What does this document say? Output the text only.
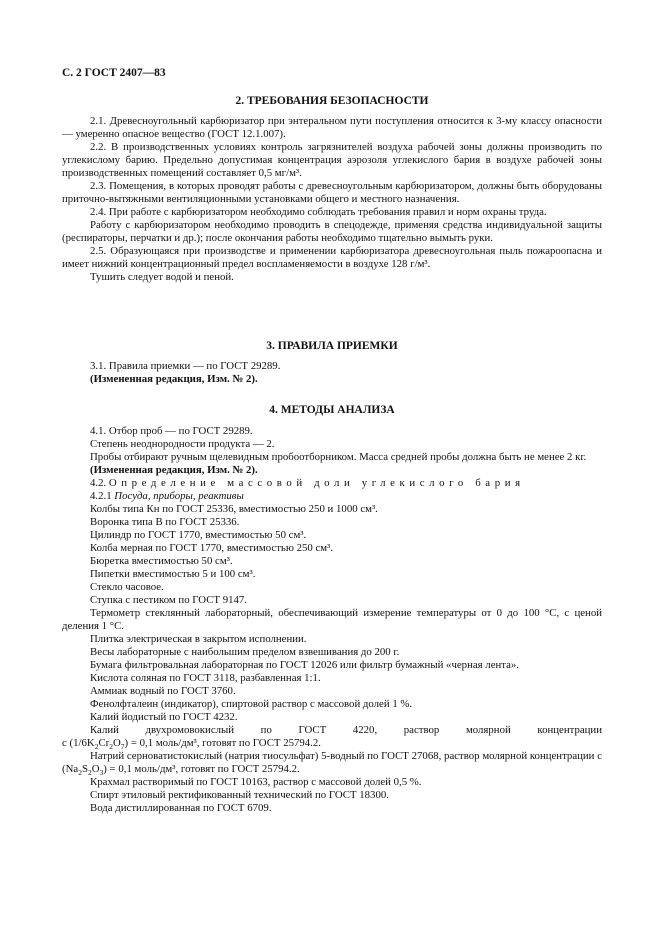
С. 2 ГОСТ 2407—83
2. ТРЕБОВАНИЯ БЕЗОПАСНОСТИ

2.1. Древесноугольный карбюризатор при энтеральном пути поступления относится к 3-му классу опасности — умеренно опасное вещество (ГОСТ 12.1.007).

2.2. В производственных условиях контроль загрязнителей воздуха рабочей зоны должны производить по углекислому барию. Предельно допустимая концентрация аэрозоля углекислого бария в воздухе рабочей зоны производственных помещений составляет 0,5 мг/м³.

2.3. Помещения, в которых проводят работы с древесноугольным карбюризатором, должны быть оборудованы приточно-вытяжными вентиляционными установками общего и местного назначения.

2.4. При работе с карбюризатором необходимо соблюдать требования правил и норм охраны труда.

Работу с карбюризатором необходимо проводить в спецодежде, применяя средства индивидуальной защиты (респираторы, перчатки и др.); после окончания работы необходимо тщательно вымыть руки.

2.5. Образующаяся при производстве и применении карбюризатора древесноугольная пыль пожароопасна и имеет нижний концентрационный предел воспламеняемости в воздухе 128 г/м³.

Тушить следует водой и пеной.

3. ПРАВИЛА ПРИЕМКИ

3.1. Правила приемки — по ГОСТ 29289.

(Измененная редакция, Изм. № 2).

4. МЕТОДЫ АНАЛИЗА

4.1. Отбор проб — по ГОСТ 29289.

Степень неоднородности продукта — 2.

Пробы отбирают ручным щелевидным пробоотборником. Масса средней пробы должна быть не менее 2 кг.

(Измененная редакция, Изм. № 2).

4.2. Определение массовой доли углекислого бария

4.2.1 Посуда, приборы, реактивы

Колбы типа Кн по ГОСТ 25336, вместимостью 250 и 1000 см³.

Воронка типа В по ГОСТ 25336.

Цилиндр по ГОСТ 1770, вместимостью 50 см³.

Колба мерная по ГОСТ 1770, вместимостью 250 см³.

Бюретка вместимостью 50 см³.

Пипетки вместимостью 5 и 100 см³.

Стекло часовое.

Ступка с пестиком по ГОСТ 9147.

Термометр стеклянный лабораторный, обеспечивающий измерение температуры от 0 до 100 °С, с ценой деления 1 °С.

Плитка электрическая в закрытом исполнении.

Весы лабораторные с наибольшим пределом взвешивания до 200 г.

Бумага фильтровальная лабораторная по ГОСТ 12026 или фильтр бумажный «черная лента».

Кислота соляная по ГОСТ 3118, разбавленная 1:1.

Аммиак водный по ГОСТ 3760.

Фенолфталеин (индикатор), спиртовой раствор с массовой долей 1 %.

Калий йодистый по ГОСТ 4232.

Калий двухромовокислый по ГОСТ 4220, раствор молярной концентрации

c $(1/6K_2Cr_2O_7) = 0,1$ моль/дм³, готовят по ГОСТ 25794.2.

Натрий серноватистокислый (натрия тиосульфат) 5-водный по ГОСТ 27068, раствор молярной концентрации c $(Na_2S_2O_3) = 0,1$ моль/дм³, готовят по ГОСТ 25794.2.

Крахмал растворимый по ГОСТ 10163, раствор с массовой долей 0,5 %.

Спирт этиловый ректификованный технический по ГОСТ 18300.

Вода дистиллированная по ГОСТ 6709.
